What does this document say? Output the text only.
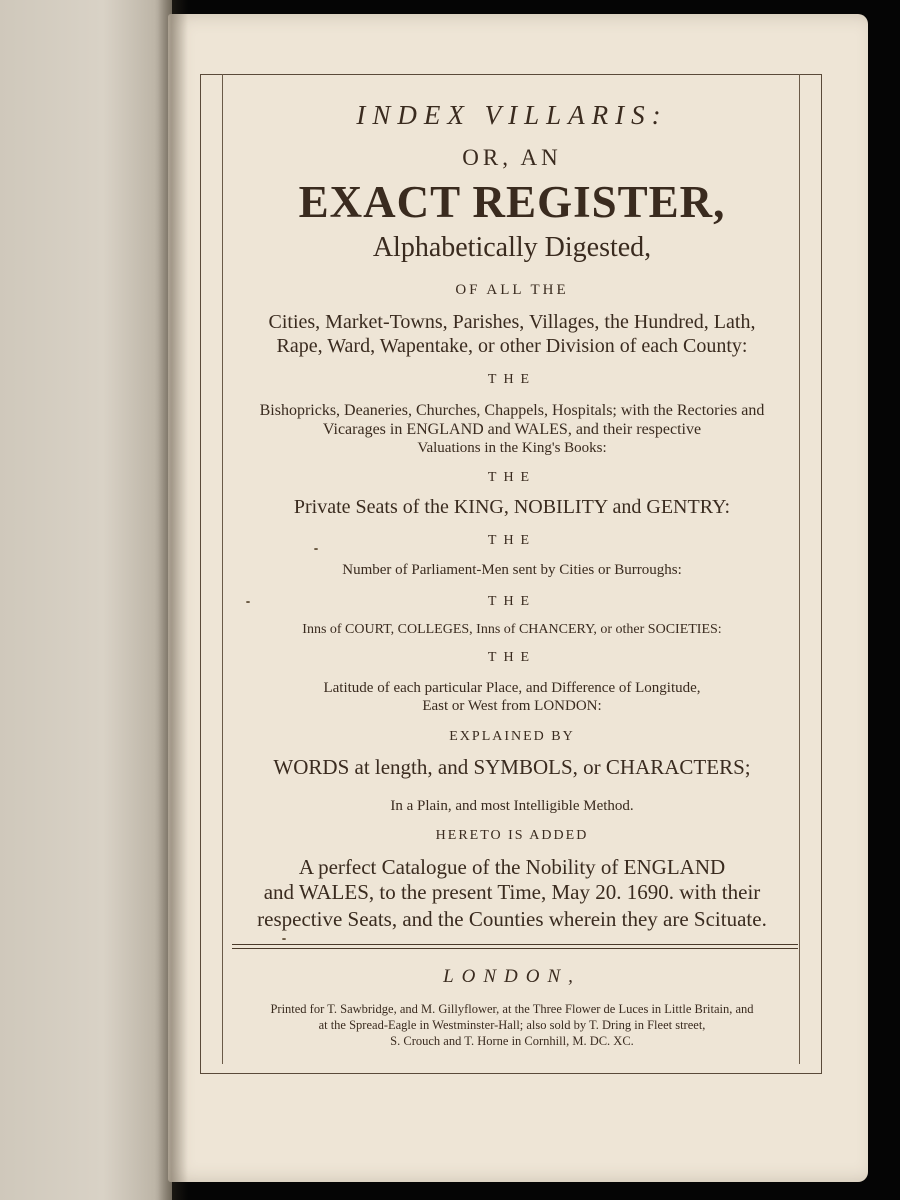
INDEX VILLARIS:
OR, AN
EXACT REGISTER,
Alphabetically Digested,
OF ALL THE
Cities, Market-Towns, Parishes, Villages, the Hundred, Lath,
Rape, Ward, Wapentake, or other Division of each County:
THE
Bishopricks, Deaneries, Churches, Chappels, Hospitals; with the Rectories and
Vicarages in ENGLAND and WALES, and their respective
Valuations in the King's Books:
THE
Private Seats of the KING, NOBILITY and GENTRY:
THE
Number of Parliament-Men sent by Cities or Burroughs:
THE
Inns of COURT, COLLEGES, Inns of CHANCERY, or other SOCIETIES:
THE
Latitude of each particular Place, and Difference of Longitude,
East or West from LONDON:
EXPLAINED BY
WORDS at length, and SYMBOLS, or CHARACTERS;
In a Plain, and most Intelligible Method.
HERETO IS ADDED
A perfect Catalogue of the Nobility of ENGLAND
and WALES, to the present Time, May 20. 1690. with their
respective Seats, and the Counties wherein they are Scituate.
LONDON,
Printed for T. Sawbridge, and M. Gillyflower, at the Three Flower de Luces in Little Britain, and
at the Spread-Eagle in Westminster-Hall; also sold by T. Dring in Fleet street,
S. Crouch and T. Horne in Cornhill, M. DC. XC.
